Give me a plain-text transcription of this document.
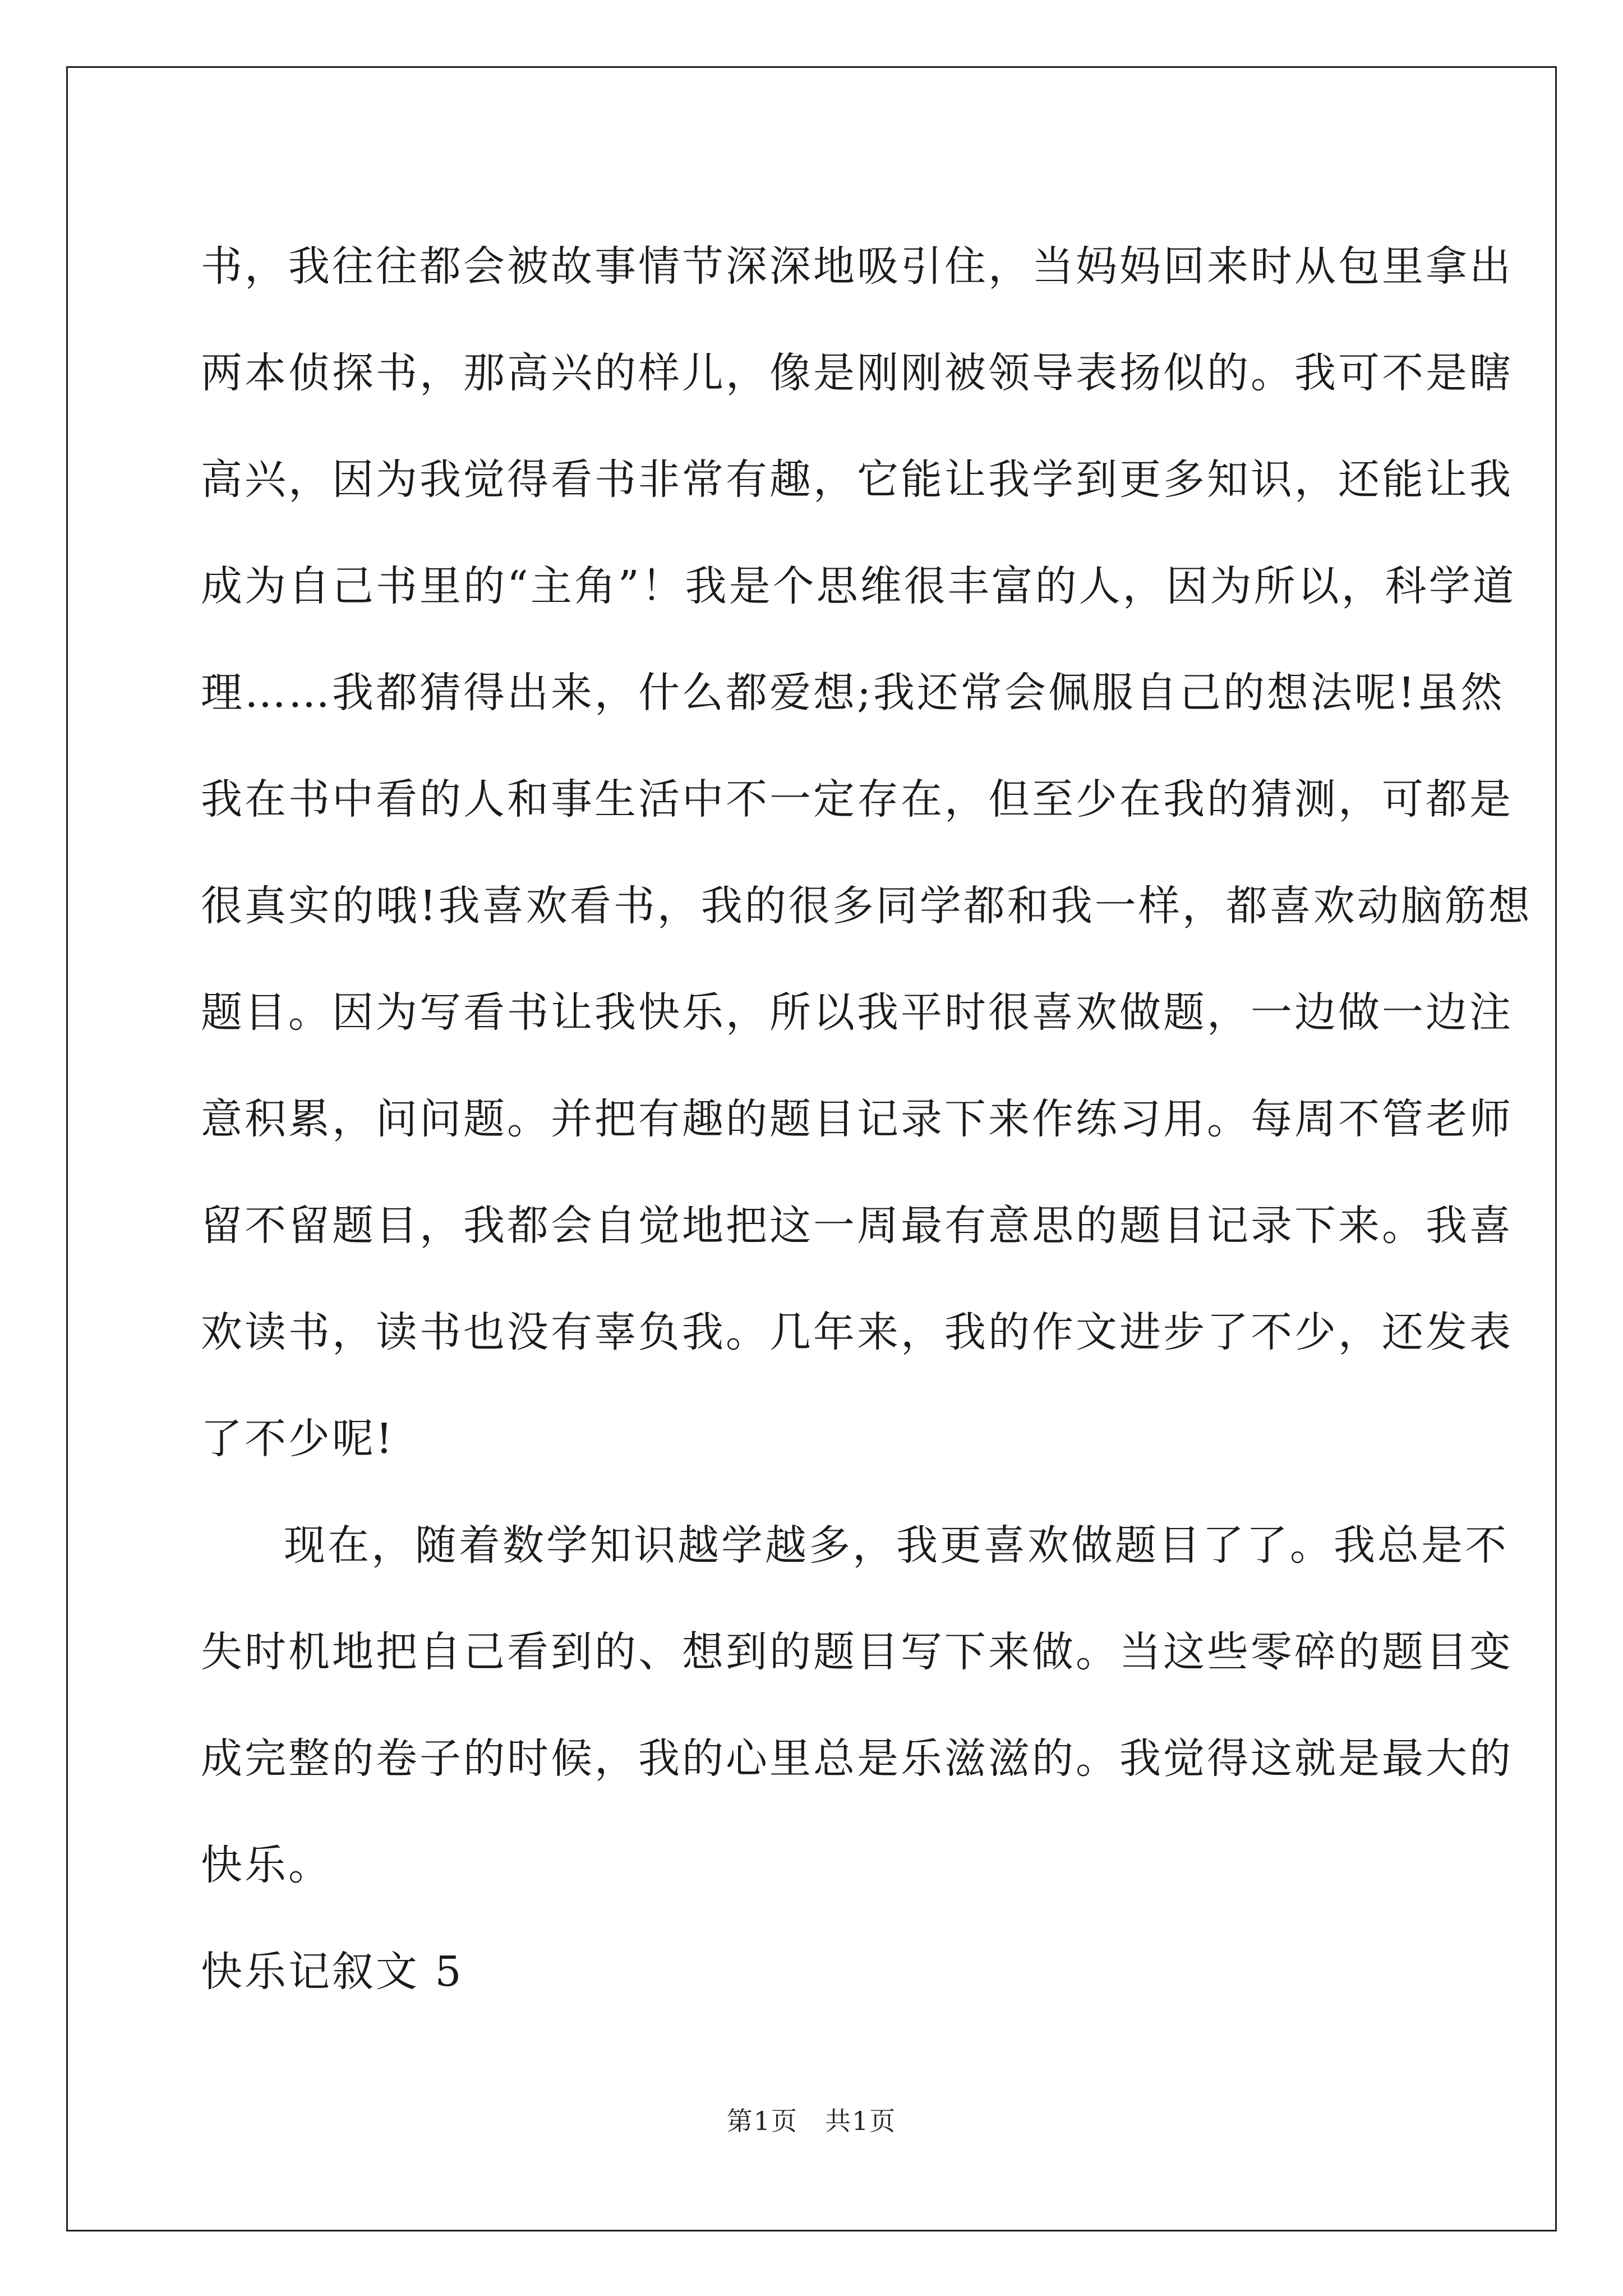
书，我往往都会被故事情节深深地吸引住，当妈妈回来时从包里拿出
两本侦探书，那高兴的样儿，像是刚刚被领导表扬似的。我可不是瞎
高兴，因为我觉得看书非常有趣，它能让我学到更多知识，还能让我
成为自己书里的“主角”！我是个思维很丰富的人，因为所以，科学道
理……我都猜得出来，什么都爱想;我还常会佩服自己的想法呢!虽然
我在书中看的人和事生活中不一定存在，但至少在我的猜测，可都是
很真实的哦!我喜欢看书，我的很多同学都和我一样，都喜欢动脑筋想
题目。因为写看书让我快乐，所以我平时很喜欢做题，一边做一边注
意积累，问问题。并把有趣的题目记录下来作练习用。每周不管老师
留不留题目，我都会自觉地把这一周最有意思的题目记录下来。我喜
欢读书，读书也没有辜负我。几年来，我的作文进步了不少，还发表
了不少呢!

现在，随着数学知识越学越多，我更喜欢做题目了了。我总是不
失时机地把自己看到的、想到的题目写下来做。当这些零碎的题目变
成完整的卷子的时候，我的心里总是乐滋滋的。我觉得这就是最大的
快乐。

快乐记叙文 5

第1页　共1页
